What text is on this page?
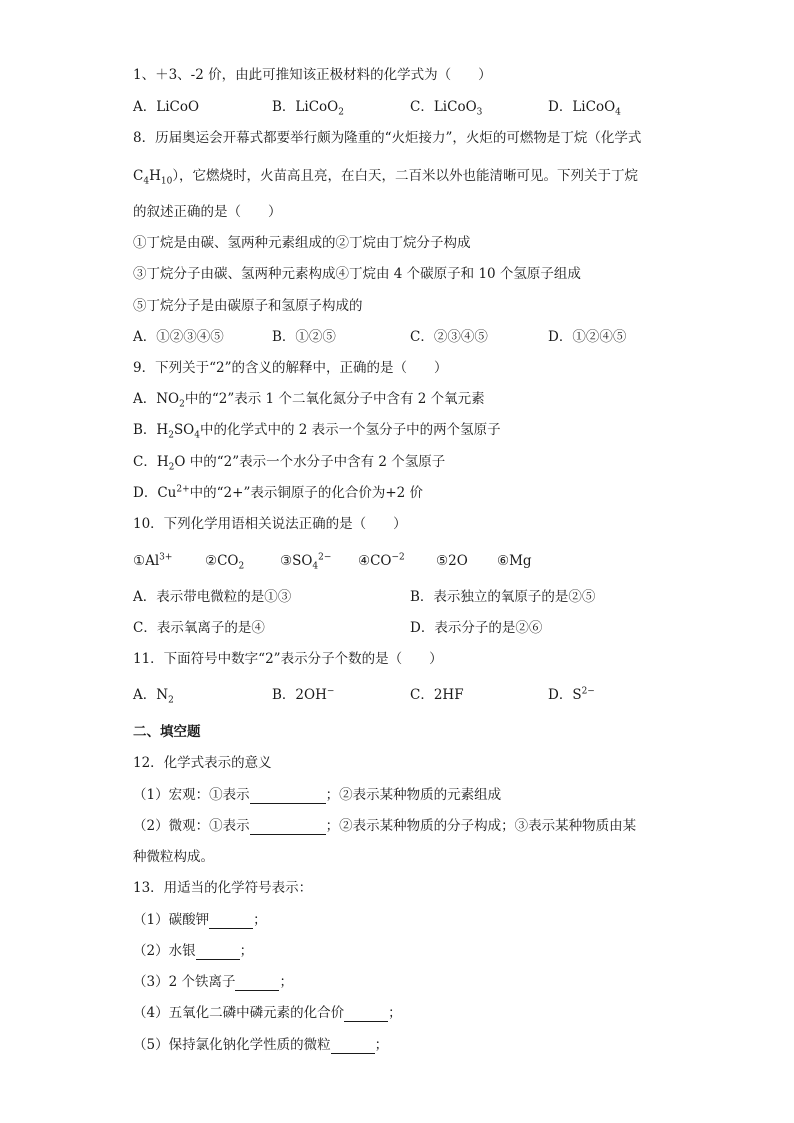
1、＋3、-2 价，由此可推知该正极材料的化学式为（　　）
A．LiCoO	B．LiCoO$_2$	C．LiCoO$_3$	D．LiCoO$_4$
8．历届奥运会开幕式都要举行颇为隆重的“火炬接力”，火炬的可燃物是丁烷（化学式
$C_4H_{10}$），它燃烧时，火苗高且亮，在白天，二百米以外也能清晰可见。下列关于丁烷
的叙述正确的是（　　）
①丁烷是由碳、氢两种元素组成的②丁烷由丁烷分子构成
③丁烷分子由碳、氢两种元素构成④丁烷由 4 个碳原子和 10 个氢原子组成
⑤丁烷分子是由碳原子和氢原子构成的
A．①②③④⑤	B．①②⑤	C．②③④⑤	D．①②④⑤
9．下列关于“2”的含义的解释中，正确的是（　　）
A．$NO_2$中的“2”表示 1 个二氧化氮分子中含有 2 个氧元素
B．$H_2SO_4$中的化学式中的 2 表示一个氢分子中的两个氢原子
C．$H_2O$ 中的“2”表示一个水分子中含有 2 个氢原子
D．$Cu^{2+}$中的“2+”表示铜原子的化合价为+2 价
10．下列化学用语相关说法正确的是（　　）
$①Al^{3+}$ $②CO_2$	$③SO_4^{2-}$ $④CO^{-2}$ ⑤2O ⑥Mg
A．表示带电微粒的是①③	B．表示独立的氧原子的是②⑤
C．表示氧离子的是④	D．表示分子的是②⑥
11．下面符号中数字“2”表示分子个数的是（　　）
A．$N_2$	B．2OH−	C．2HF	D．$S^{2-}$
二、填空题
12．化学式表示的意义
（1）宏观：①表示	；②表示某种物质的元素组成
（2）微观：①表示	；②表示某种物质的分子构成；③表示某种物质由某
种微粒构成。
13．用适当的化学符号表示：
（1）碳酸钾	；
（2）水银	；
（3）2 个铁离子	；
（4）五氧化二磷中磷元素的化合价	；
（5）保持氯化钠化学性质的微粒	；
